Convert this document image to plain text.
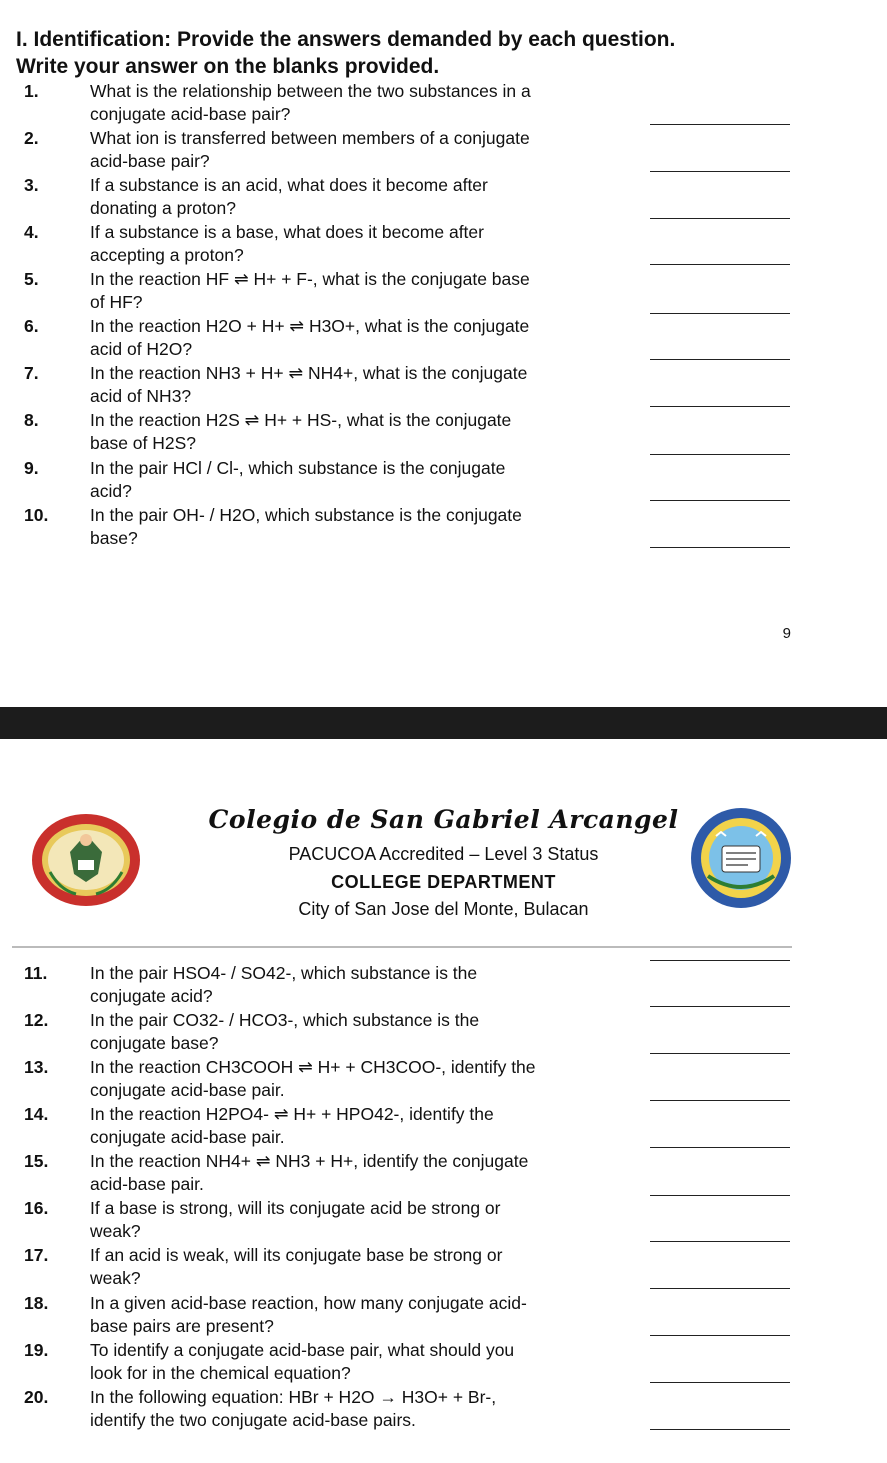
I. Identification: Provide the answers demanded by each question.
Write your answer on the blanks provided.
1.	What is the relationship between the two substances in a
conjugate acid-base pair?
2.	What ion is transferred between members of a conjugate
acid-base pair?
3.	If a substance is an acid, what does it become after
donating a proton?
4.	If a substance is a base, what does it become after
accepting a proton?
5.	In the reaction HF ⇌ H+ + F-, what is the conjugate base
of HF?
6.	In the reaction H2O + H+ ⇌ H3O+, what is the conjugate
acid of H2O?
7.	In the reaction NH3 + H+ ⇌ NH4+, what is the conjugate
acid of NH3?
8.	In the reaction H2S ⇌ H+ + HS-, what is the conjugate
base of H2S?
9.	In the pair HCl / Cl-, which substance is the conjugate
acid?
10. In the pair OH- / H2O, which substance is the conjugate
base?
9
Colegio de San Gabriel Arcangel
PACUCOA Accredited – Level 3 Status
COLLEGE DEPARTMENT
City of San Jose del Monte, Bulacan
11. In the pair HSO4- / SO42-, which substance is the
conjugate acid?
12. In the pair CO32- / HCO3-, which substance is the
conjugate base?
13. In the reaction CH3COOH ⇌ H+ + CH3COO-, identify the
conjugate acid-base pair.
14. In the reaction H2PO4- ⇌ H+ + HPO42-, identify the
conjugate acid-base pair.
15. In the reaction NH4+ ⇌ NH3 + H+, identify the conjugate
acid-base pair.
16. If a base is strong, will its conjugate acid be strong or
weak?
17. If an acid is weak, will its conjugate base be strong or
weak?
18. In a given acid-base reaction, how many conjugate acid-
base pairs are present?
19. To identify a conjugate acid-base pair, what should you
look for in the chemical equation?
20. In the following equation: HBr + H2O → H3O+ + Br-,
identify the two conjugate acid-base pairs.
